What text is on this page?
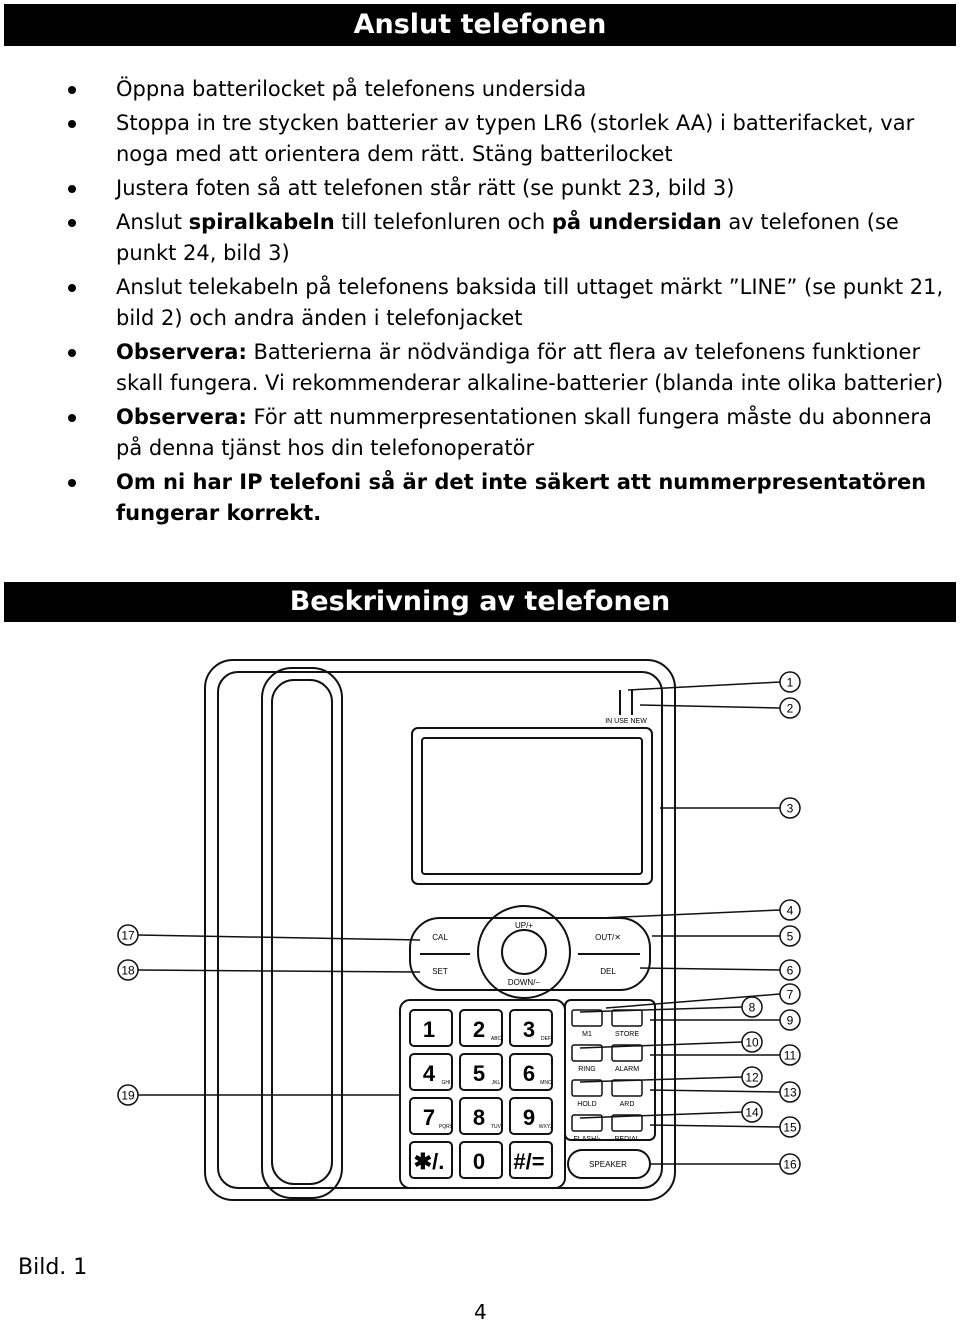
Anslut telefonen
Öppna batterilocket på telefonens undersida
Stoppa in tre stycken batterier av typen LR6 (storlek AA) i batterifacket, var noga med att orientera dem rätt. Stäng batterilocket
Justera foten så att telefonen står rätt (se punkt 23, bild 3)
Anslut spiralkabeln till telefonluren och på undersidan av telefonen (se punkt 24, bild 3)
Anslut telekabeln på telefonens baksida till uttaget märkt ”LINE” (se punkt 21, bild 2) och andra änden i telefonjacket
Observera: Batterierna är nödvändiga för att flera av telefonens funktioner skall fungera. Vi rekommenderar alkaline-batterier (blanda inte olika batterier)
Observera: För att nummerpresentationen skall fungera måste du abonnera på denna tjänst hos din telefonoperatör
Om ni har IP telefoni så är det inte säkert att nummerpresentatören fungerar korrekt.
Beskrivning av telefonen
IN USE NEW
UP/+
DOWN/−
CAL
SET
OUT/✕
DEL
SPEAKER
1 2 ABC 3 DEF
4 GHI 5 JKL 6 MNO
7 PQRS 8 TUV 9 WXYZ
✱/. 0 #/=
M1	STORE
RING	ALARM
HOLD	ARD
FLASH/- REDIAL
1
2
3
4
5
6
7
8
9
10
11
12
13
14
15
16
17
18
19
Bild. 1
4
